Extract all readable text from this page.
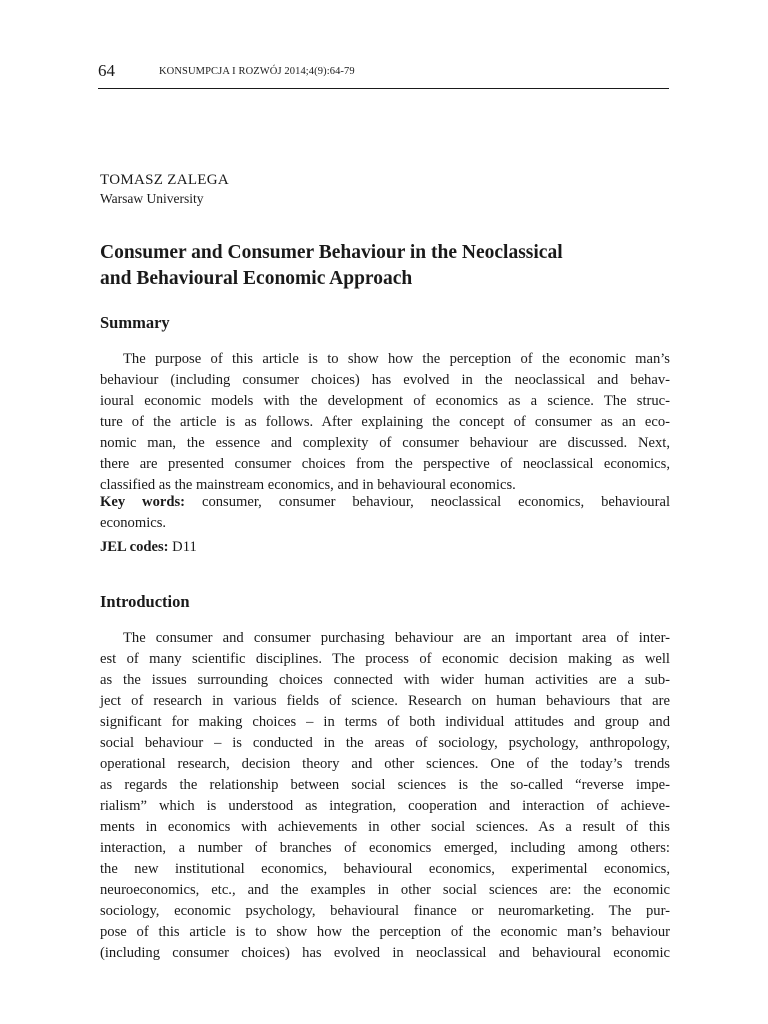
64	KONSUMPCJA I ROZWÓJ 2014;4(9):64-79
TOMASZ ZALEGA
Warsaw University
Consumer and Consumer Behaviour in the Neoclassical
and Behavioural Economic Approach
Summary
The purpose of this article is to show how the perception of the economic man’s
behaviour (including consumer choices) has evolved in the neoclassical and behav-
ioural economic models with the development of economics as a science. The struc-
ture of the article is as follows. After explaining the concept of consumer as an eco-
nomic man, the essence and complexity of consumer behaviour are discussed. Next,
there are presented consumer choices from the perspective of neoclassical economics,
classified as the mainstream economics, and in behavioural economics.
Key words: consumer, consumer behaviour, neoclassical economics, behavioural
economics.
JEL codes: D11
Introduction
The consumer and consumer purchasing behaviour are an important area of inter-
est of many scientific disciplines. The process of economic decision making as well
as the issues surrounding choices connected with wider human activities are a sub-
ject of research in various fields of science. Research on human behaviours that are
significant for making choices – in terms of both individual attitudes and group and
social behaviour – is conducted in the areas of sociology, psychology, anthropology,
operational research, decision theory and other sciences. One of the today’s trends
as regards the relationship between social sciences is the so-called “reverse impe-
rialism” which is understood as integration, cooperation and interaction of achieve-
ments in economics with achievements in other social sciences. As a result of this
interaction, a number of branches of economics emerged, including among others:
the new institutional economics, behavioural economics, experimental economics,
neuroeconomics, etc., and the examples in other social sciences are: the economic
sociology, economic psychology, behavioural finance or neuromarketing. The pur-
pose of this article is to show how the perception of the economic man’s behaviour
(including consumer choices) has evolved in neoclassical and behavioural economic
